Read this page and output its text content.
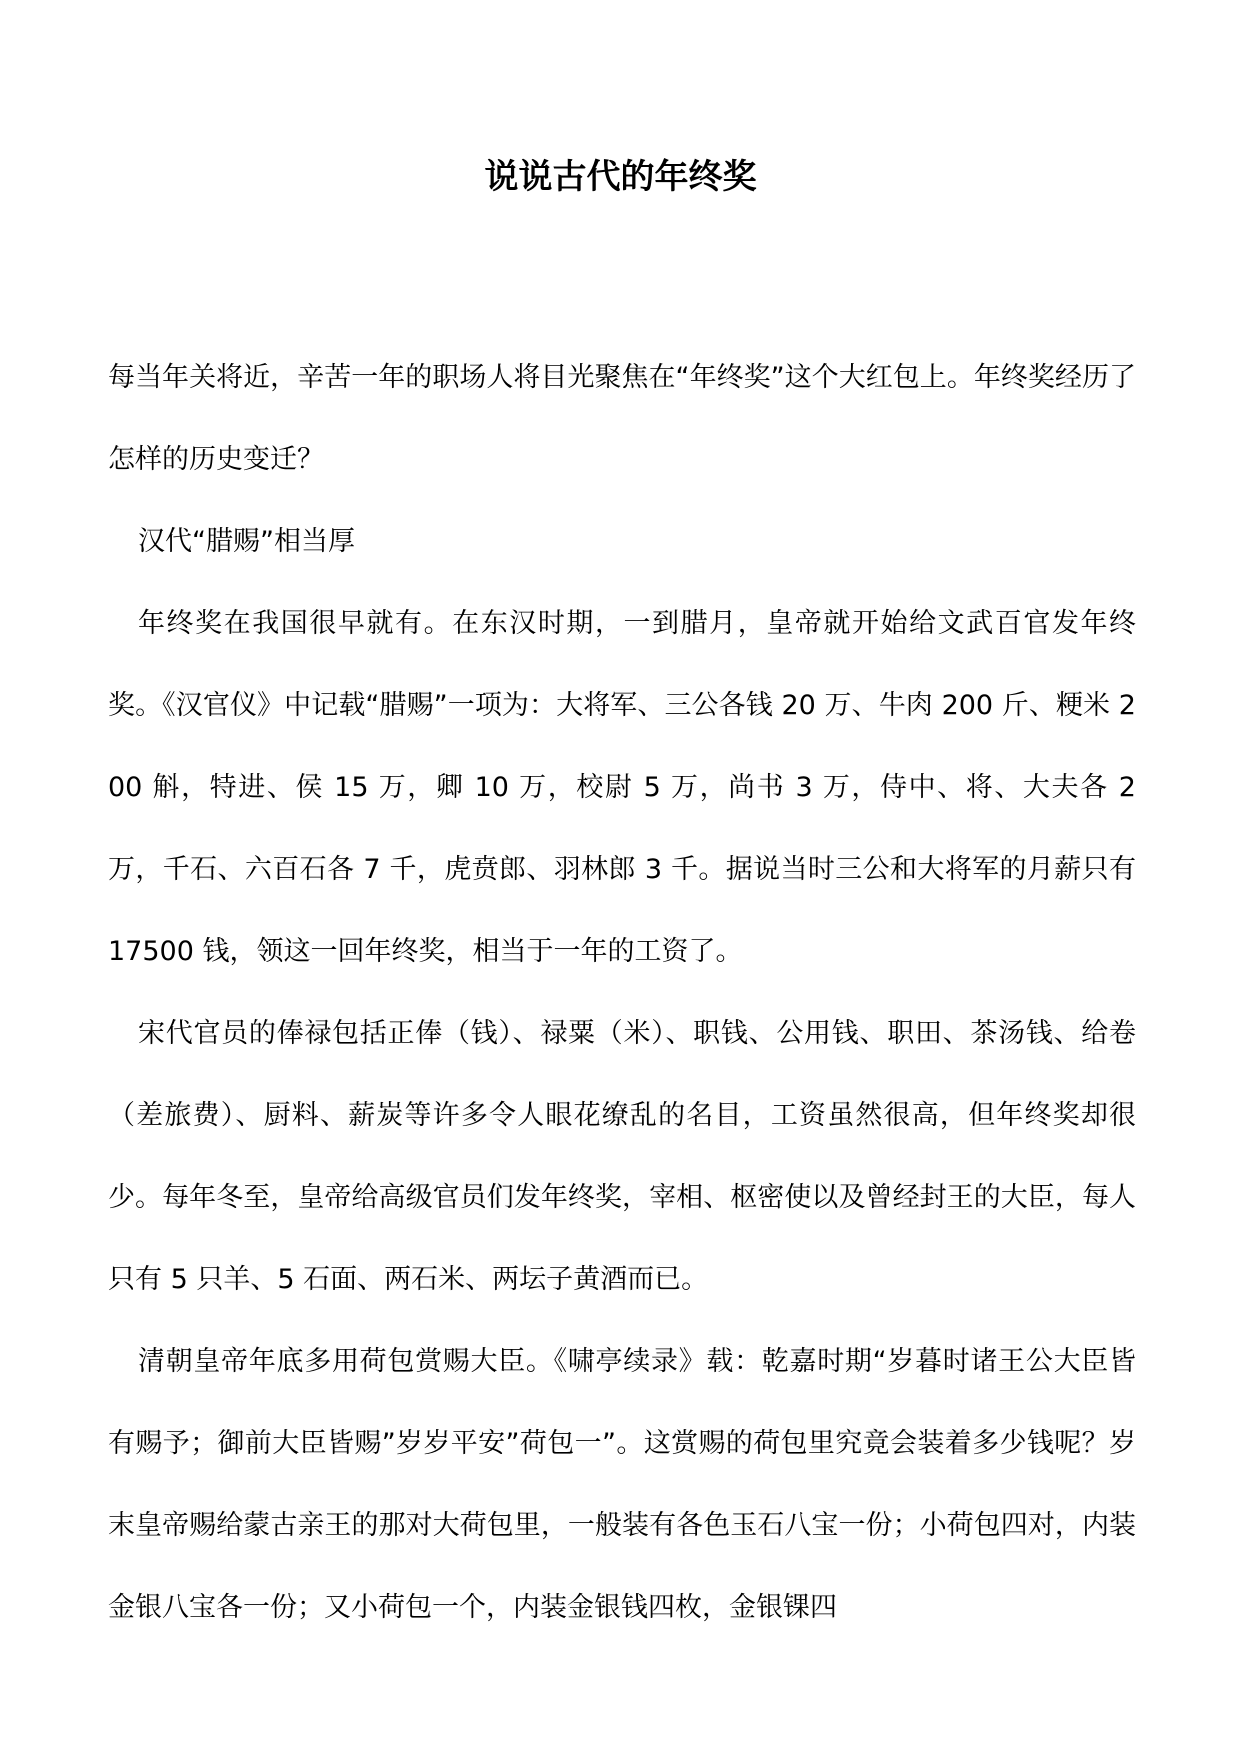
说说古代的年终奖

每当年关将近，辛苦一年的职场人将目光聚焦在“年终奖”这个大红包上。年终奖经历了怎样的历史变迁？

汉代“腊赐”相当厚

年终奖在我国很早就有。在东汉时期，一到腊月，皇帝就开始给文武百官发年终奖。《汉官仪》中记载“腊赐”一项为：大将军、三公各钱 20 万、牛肉 200 斤、粳米 200 斛，特进、侯 15 万，卿 10 万，校尉 5 万，尚书 3 万，侍中、将、大夫各 2 万，千石、六百石各 7 千，虎贲郎、羽林郎 3 千。据说当时三公和大将军的月薪只有 17500 钱，领这一回年终奖，相当于一年的工资了。

宋代官员的俸禄包括正俸（钱）、禄粟（米）、职钱、公用钱、职田、茶汤钱、给卷（差旅费）、厨料、薪炭等许多令人眼花缭乱的名目，工资虽然很高，但年终奖却很少。每年冬至，皇帝给高级官员们发年终奖，宰相、枢密使以及曾经封王的大臣，每人只有 5 只羊、5 石面、两石米、两坛子黄酒而已。

清朝皇帝年底多用荷包赏赐大臣。《啸亭续录》载：乾嘉时期“岁暮时诸王公大臣皆有赐予；御前大臣皆赐”岁岁平安”荷包一”。这赏赐的荷包里究竟会装着多少钱呢？岁末皇帝赐给蒙古亲王的那对大荷包里，一般装有各色玉石八宝一份；小荷包四对，内装金银八宝各一份；又小荷包一个，内装金银钱四枚，金银锞四
